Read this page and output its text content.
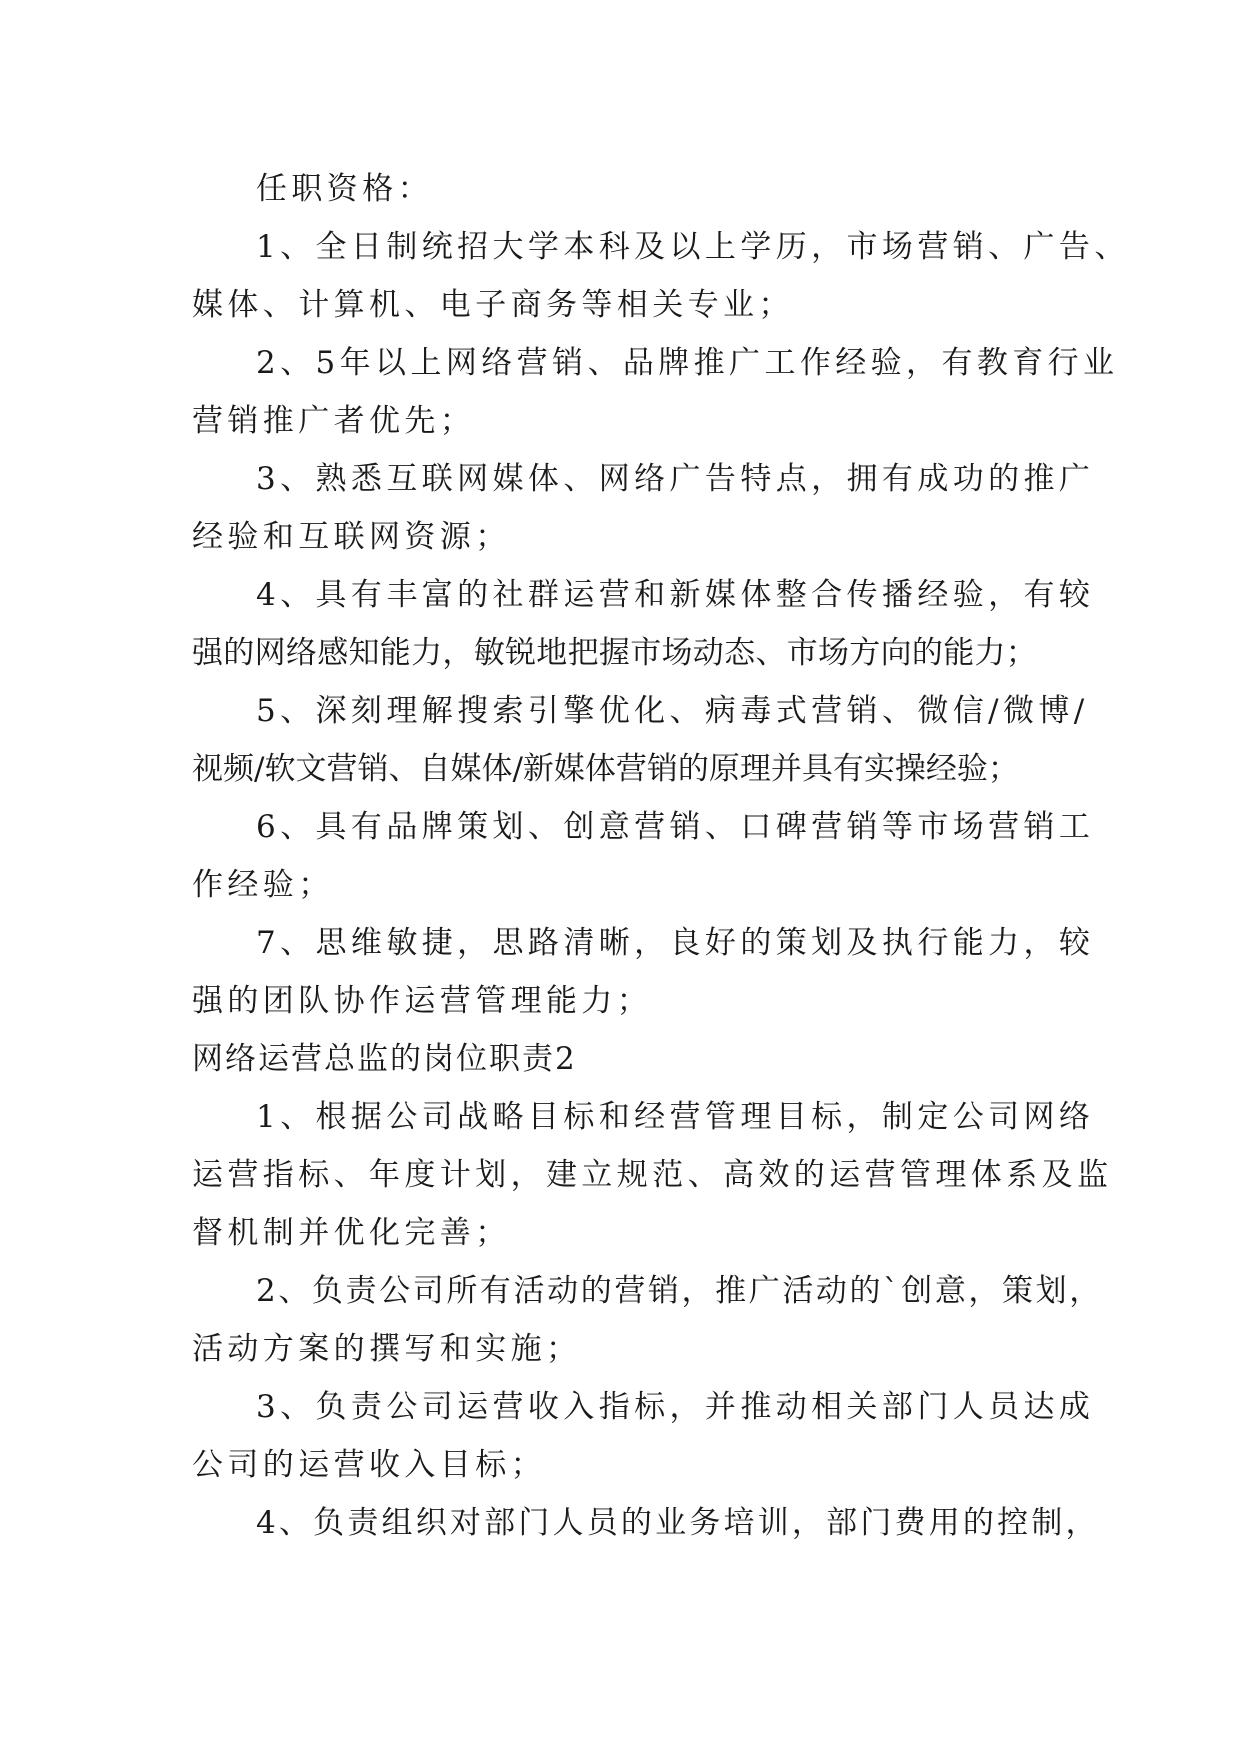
任职资格：
1、全日制统招大学本科及以上学历，市场营销、广告、
媒体、计算机、电子商务等相关专业；
2、5年以上网络营销、品牌推广工作经验，有教育行业
营销推广者优先；
3、熟悉互联网媒体、网络广告特点，拥有成功的推广
经验和互联网资源；
4、具有丰富的社群运营和新媒体整合传播经验，有较
强的网络感知能力，敏锐地把握市场动态、市场方向的能力；
5、深刻理解搜索引擎优化、病毒式营销、微信/微博/
视频/软文营销、自媒体/新媒体营销的原理并具有实操经验；
6、具有品牌策划、创意营销、口碑营销等市场营销工
作经验；
7、思维敏捷，思路清晰，良好的策划及执行能力，较
强的团队协作运营管理能力；
网络运营总监的岗位职责2
1、根据公司战略目标和经营管理目标，制定公司网络
运营指标、年度计划，建立规范、高效的运营管理体系及监
督机制并优化完善；
2、负责公司所有活动的营销，推广活动的`创意，策划，
活动方案的撰写和实施；
3、负责公司运营收入指标，并推动相关部门人员达成
公司的运营收入目标；
4、负责组织对部门人员的业务培训，部门费用的控制，
